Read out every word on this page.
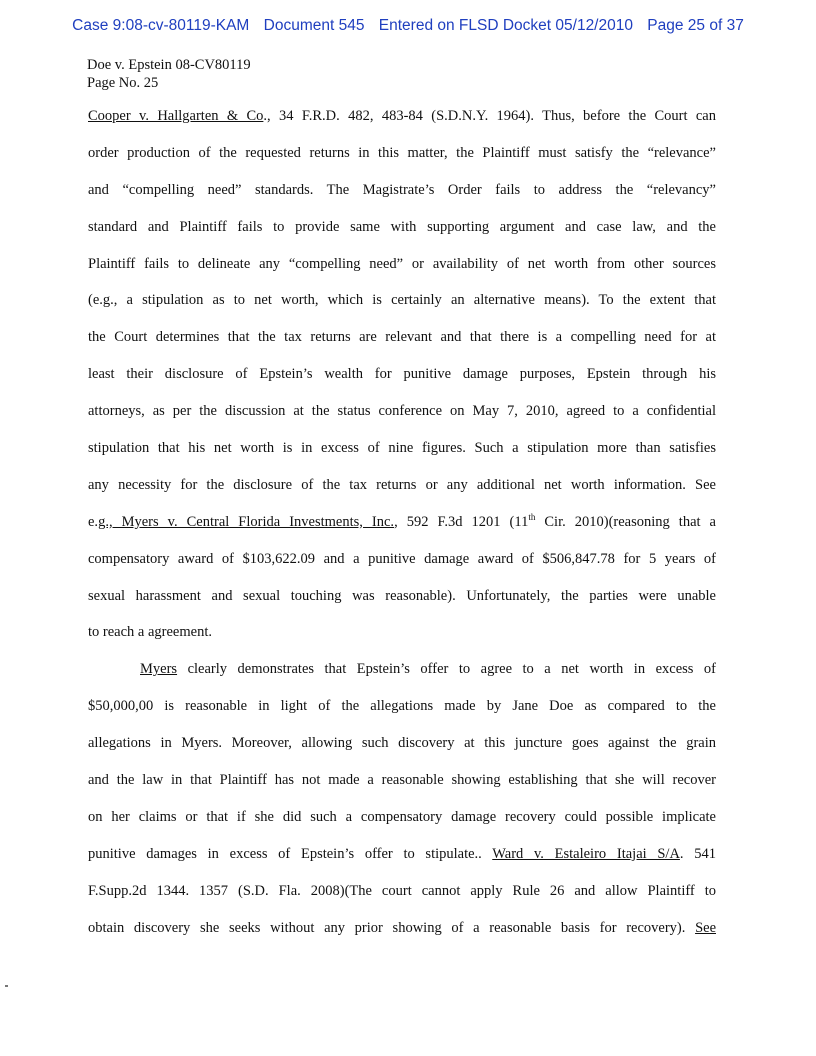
Case 9:08-cv-80119-KAM Document 545 Entered on FLSD Docket 05/12/2010 Page 25 of 37
Doe v. Epstein 08-CV80119
Page No. 25
Cooper v. Hallgarten & Co., 34 F.R.D. 482, 483-84 (S.D.N.Y. 1964). Thus, before the Court can
order production of the requested returns in this matter, the Plaintiff must satisfy the “relevance”
and “compelling need” standards. The Magistrate’s Order fails to address the “relevancy”
standard and Plaintiff fails to provide same with supporting argument and case law, and the
Plaintiff fails to delineate any “compelling need” or availability of net worth from other sources
(e.g., a stipulation as to net worth, which is certainly an alternative means). To the extent that
the Court determines that the tax returns are relevant and that there is a compelling need for at
least their disclosure of Epstein’s wealth for punitive damage purposes, Epstein through his
attorneys, as per the discussion at the status conference on May 7, 2010, agreed to a confidential
stipulation that his net worth is in excess of nine figures. Such a stipulation more than satisfies
any necessity for the disclosure of the tax returns or any additional net worth information. See
e.g., Myers v. Central Florida Investments, Inc., 592 F.3d 1201 (11th Cir. 2010)(reasoning that a
compensatory award of $103,622.09 and a punitive damage award of $506,847.78 for 5 years of
sexual harassment and sexual touching was reasonable). Unfortunately, the parties were unable
to reach a agreement.
Myers clearly demonstrates that Epstein’s offer to agree to a net worth in excess of
$50,000,00 is reasonable in light of the allegations made by Jane Doe as compared to the
allegations in Myers. Moreover, allowing such discovery at this juncture goes against the grain
and the law in that Plaintiff has not made a reasonable showing establishing that she will recover
on her claims or that if she did such a compensatory damage recovery could possible implicate
punitive damages in excess of Epstein’s offer to stipulate.. Ward v. Estaleiro Itajai S/A. 541
F.Supp.2d 1344. 1357 (S.D. Fla. 2008)(The court cannot apply Rule 26 and allow Plaintiff to
obtain discovery she seeks without any prior showing of a reasonable basis for recovery). See
